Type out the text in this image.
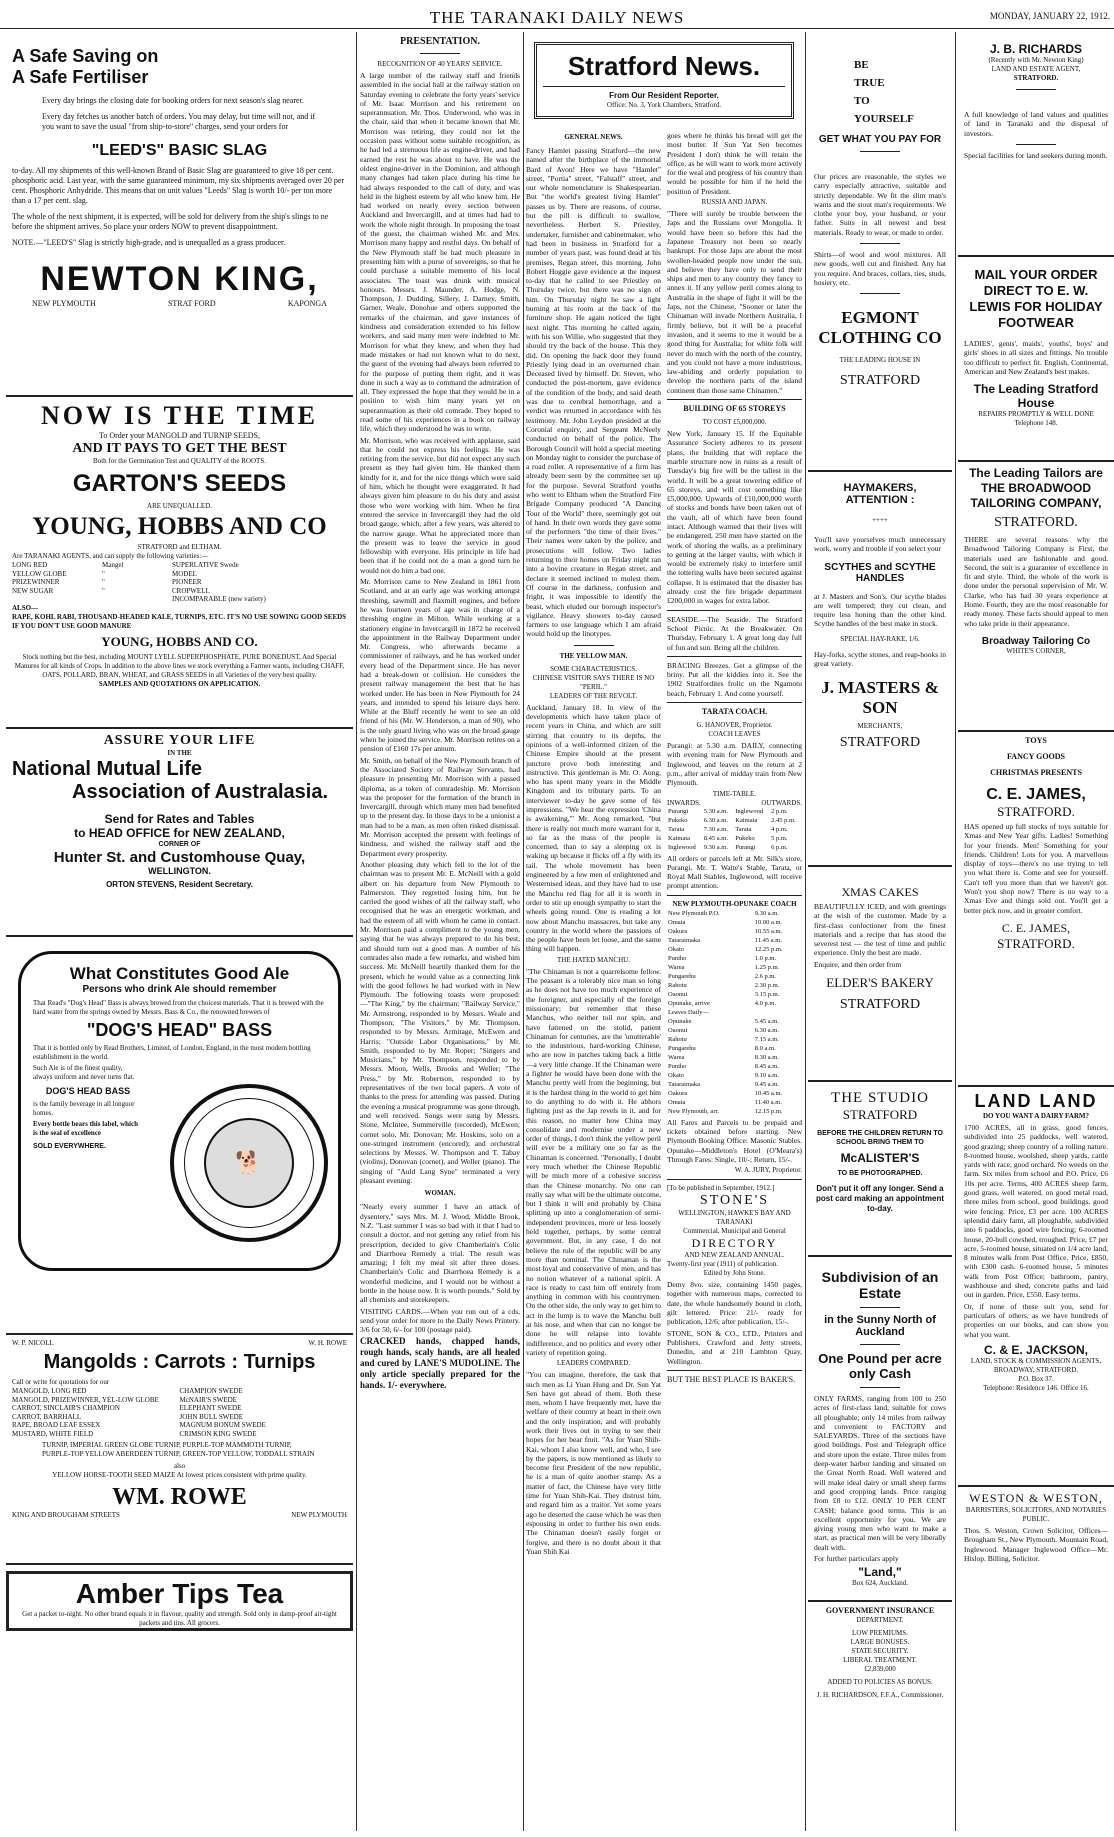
THE TARANAKI DAILY NEWS	MONDAY, JANUARY 22, 1912.
A Safe Saving on
A Safe Fertiliser

Every day brings the closing date for booking orders for next season's slag nearer.

Every day fetches us another batch of orders. You may delay, but time will not, and if you want to save the usual "from ship-to-store" charges, send your orders for

"LEED'S" BASIC SLAG

to-day. All my shipments of this well-known Brand of Basic Slag are guaranteed to give 18 per cent. phosphoric acid. Last year, with the same guaranteed minimum, my six shipments averaged over 20 per cent. Phosphoric Anhydride. This means that on unit values "Leeds" Slag is worth 10/- per ton more than a 17 per cent. slag.

The whole of the next shipment, it is expected, will be sold for delivery from the ship's slings to ne before the shipment arrives. So place your orders NOW to prevent disappointment.

NOTE.—"LEED'S" Slag is strictly high-grade, and is unequalled as a grass producer.

NEWTON KING,
NEW PLYMOUTH	STRAT FORD	KAPONGA
NOW IS THE TIME
To Order your MANGOLD and TURNIP SEEDS,
AND IT PAYS TO GET THE BEST
Both for the Germination Test and QUALITY of the ROOTS.
GARTON'S SEEDS
ARE UNEQUALLED.
YOUNG, HOBBS AND CO
STRATFORD and ELTHAM.
Are TARANAKI AGENTS, and can supply the following varieties:—
LONG RED
YELLOW GLOBE
PRIZEWINNER
NEW SUGAR
Mangel
"
"
"
SUPERLATIVE Swede
MODEL
PIONEER
CROPWELL
INCOMPARABLE (new variety)
ALSO—
RAPE, KOHL RABI, THOUSAND-HEADED KALE, TURNIPS, ETC. IT'S NO USE SOWING GOOD SEEDS IF YOU DON'T USE GOOD MANURE
YOUNG, HOBBS AND CO.
Stock nothing but the best, including MOUNT LYELL SUPERPHOSPHATE, PURE BONEDUST, And Special Manures for all kinds of Crops. In addition to the above lines we stock everything a Farmer wants, including CHAFF, OATS, POLLARD, BRAN, WHEAT, and GRASS SEEDS in all Varieties of the very best quality.
SAMPLES AND QUOTATIONS ON APPLICATION.
ASSURE YOUR LIFE
IN THE
National Mutual Life
Association of Australasia.
Send for Rates and Tables
to HEAD OFFICE for NEW ZEALAND,
CORNER OF
Hunter St. and Customhouse Quay,
WELLINGTON.
ORTON STEVENS, Resident Secretary.
What Constitutes Good Ale
Persons who drink Ale should remember

That Read's "Dog's Head" Bass is always brewed from the choicest materials. That it is brewed with the hard water from the springs owned by Messrs. Bass & Co., the renowned brewers of

"DOG'S HEAD" BASS

That it is bottled only by Read Brothers, Limited, of London, England, in the most modern bottling establishment in the world.

Such Ale is of the finest quality, always uniform and never turns flat.

DOG'S HEAD BASS

is the family beverage in all longuor homes.

Every bottle bears this label, which is the seal of excellence

SOLD EVERYWHERE.
🐕
W. P. NICOLL	W. H. ROWE
Mangolds : Carrots : Turnips
Call or write for quotations for our
MANGOLD, LONG RED
MANGOLD, PRIZEWINNER, YEL-LOW GLOBE
CARROT, SINCLAIR'S CHAMPION
CARROT, BARRHALL
RAPE, BROAD LEAF ESSEX
MUSTARD, WHITE FIELD
CHAMPION SWEDE
McNAIR'S SWEDE
ELEPHANT SWEDE
JOHN BULL SWEDE
MAGNUM BONUM SWEDE
CRIMSON KING SWEDE
TURNIP, IMPERIAL GREEN GLOBE TURNIP, PURPLE-TOP MAMMOTH TURNIP, PURPLE-TOP YELLOW ABERDEEN TURNIP, GREEN-TOP YELLOW, TODDALL STRAIN
also
YELLOW HORSE-TOOTH SEED MAIZE At lowest prices consistent with prime quality.
WM. ROWE
KING AND BROUGHAM STREETS	NEW PLYMOUTH
Amber Tips Tea
Get a packet to-night. No other brand equals it in flavour, quality and strength. Sold only in damp-proof air-tight packets and tins. All grocers.
PRESENTATION.
RECOGNITION OF 40 YEARS' SERVICE.

A large number of the railway staff and friends assembled in the social hall at the railway station on Saturday evening to celebrate the forty years' service of Mr. Isaac Morrison and his retirement on superannuation. Mr. Thos. Underwood, who was in the chair, said that when it became known that Mr. Morrison was retiring, they could not let the occasion pass without some suitable recognition, as he had led a strenuous life as engine-driver, and had earned the rest he was about to have. He was the oldest engine-driver in the Dominion, and although many changes had taken place during his time he had always responded to the call of duty, and was held in the highest esteem by all who knew him. He had worked on nearly every section between Auckland and Invercargill, and at times had had to work the whole night through. In proposing the toast of the guest, the chairman wished Mr. and Mrs. Morrison many happy and restful days. On behalf of the New Plymouth staff he had much pleasure in presenting him with a purse of sovereigns, so that he could purchase a suitable memento of his local associates. The toast was drunk with musical honours. Messrs. J. Maunder, A. Hodge, N. Thompson, J. Dudding, Sillery, J. Darney, Smith, Garner, Weale, Donohue and others supported the remarks of the chairman, and gave instances of kindness and consideration extended to his fellow workers, and said many men were indebted to Mr. Morrison for what they knew, and when they had made mistakes or had not known what to do next, the guest of the evening had always been referred to for the purpose of putting them right, and it was done in such a way as to command the admiration of all. They expressed the hope that they would be in a position to wish him many years yet on superannuation as their old comrade. They hoped to read some of his experiences in a book on railway life, which they understood he was to write.

Mr. Morrison, who was received with applause, said that he could not express his feelings. He was retiring from the service, but did not expect any such present as they had given him. He thanked them kindly for it, and for the nice things which were said of him, which he thought were exaggerated. It had always given him pleasure to do his duty and assist those who were working with him. When he first entered the service in Invercargill they had the old broad gauge, which, after a few years, was altered to the narrow gauge. What he appreciated more than the present was to leave the service in good fellowship with everyone. His principle in life had been that if he could not do a man a good turn he would not do him a bad one.

Mr. Morrison came to New Zealand in 1861 from Scotland, and at an early age was working amongst threshing, sawmill and flaxmill engines, and before he was fourteen years of age was in charge of a threshing engine in Milton. While working at a stationery engine in Invercargill in 1872 he received the appointment in the Railway Department under Mr. Congress, who afterwards became a commissioner of railways, and he has worked under every head of the Department since. He has never had a break-down or collision. He considers the present railway management the best that he has worked under. He has been in New Plymouth for 24 years, and intended to spend his leisure days here. While at the Bluff recently he went to see an old friend of his (Mr. W. Henderson, a man of 90), who is the only guard living who was on the broad gauge when he joined the service. Mr. Morrison retires on a pension of £160 17s per annum.

Mr. Smith, on behalf of the New Plymouth branch of the Associated Society of Railway Servants, had pleasure in presenting Mr. Morrison with a passed diploma, as a token of comradeship. Mr. Morrison was the proposer for the formation of the branch in Invercargill, through which many men had benefited up to the present day. In those days to be a unionist a man had to be a man, as men often risked dismissal. Mr. Morrison accepted the present with feelings of kindness, and wished the railway staff and the Department every prosperity.

Another pleasing duty which fell to the lot of the chairman was to present Mr. E. McNeill with a gold albert on his departure from New Plymouth to Palmerston. They regretted losing him, but he carried the good wishes of all the railway staff, who recognised that he was an energetic workman, and had the esteem of all with whom he came in contact. Mr. Morrison paid a compliment to the young men, saying that he was always prepared to do his best, and should turn out a good man. A number of his comrades also made a few remarks, and wished him success. Mr. McNeill heartily thanked them for the present, which he would value as a connecting link with the good fellows he had worked with in New Plymouth. The following toasts were proposed:—"The King," by the chairman; "Railway Service," Mr. Armstrong, responded to by Messrs. Weale and Thompson; "The Visitors," by Mr. Thompson, responded to by Messrs. Armitage, McEwen and Harris; "Outside Labor Organisations," by Mr. Smith, responded to by Mr. Roper; "Singers and Musicians," by Mr. Thompson, responded to by Messrs. Moon, Wells, Brooks and Weller; "The Press," by Mr. Robertson, responded to by representatives of the two local papers. A vote of thanks to the press for attending was passed. During the evening a musical programme was gone through, and well received. Songs were sung by Messrs. Stone, McIntee, Summerville (recorded), McEwen; cornet solo, Mr. Donovan; Mr. Hoskins, solo on a one-stringed instrument (encored); and orchestral selections by Messrs. W. Thompson and T. Tabay (violins), Donovan (cornet), and Weller (piano). The singing of "Auld Lang Syne" terminated a very pleasant evening.

WOMAN.

"Nearly every summer I have an attack of dysentery," says Mrs. M. J. Wood, Middle Brook, N.Z. "Last summer I was so bad with it that I had to consult a doctor, and not getting any relief from his prescription, decided to give Chamberlain's Colic and Diarrhoea Remedy a trial. The result was amazing; I felt my meal sit after three doses. Chamberlain's Colic and Diarrhoea Remedy is a wonderful medicine, and I would not be without a bottle in the house now. It is worth pounds." Sold by all chemists and storekeepers.

VISITING CARDS.—When you run out of a cds, send your order for more to the Daily News Printery. 3/6 for 50, 6/- for 100 (postage paid).

CRACKED hands, chapped hands, rough hands, scaly hands, are all healed and cured by LANE'S MUDOLINE. The only article specially prepared for the hands. 1/- everywhere.

Stratford News.
From Our Resident Reporter.
Office: No. 3, York Chambers, Stratford.
GENERAL NEWS.

Fancy Hamlet passing Stratford—the new named after the birthplace of the immortal Bard of Avon! Here we have "Hamlet" street, "Portia" street, "Falstaff" street, and our whole nomenclature is Shakespearian. But "the world's greatest living Hamlet" passes us by. There are reasons, of course, but the pill is difficult to swallow, nevertheless. Herbert S. Priestley, undertaker, furnisher and cabinetmaker, who had been in business in Stratford for a number of years past, was found dead at his premises, Regan street, this morning. John Robert Hoggie gave evidence at the inquest to-day that he called to see Priestley on Thursday twice, but there was no sign of him. On Thursday night he saw a light burning at his room at the back of the furniture shop. He again noticed the light next night. This morning he called again, with his son Willie, who suggested that they should try the back of the house. This they did. On opening the back door they found Priestly lying dead in an overturned chair. Deceased lived by himself. Dr. Steven, who conducted the post-mortem, gave evidence of the condition of the body, and said death was due to cerebral hemorrhage, and a verdict was returned in accordance with his testimony. Mr. John Leydon presided at the Coronial enquiry, and Sergeant McNeely conducted on behalf of the police. The Borough Council will hold a special meeting on Monday night to consider the purchase of a road roller. A representative of a firm has already been seen by the committee set up for the purpose. Several Stratford youths who went to Eltham when the Stratford Fire Brigade Company produced "A Dancing Tour of the World" there, seemingly got out of hand. In their own words they gave some of the performers "the time of their lives." Their names were taken by the police, and prosecutions will follow. Two ladies returning to their homes on Friday night ran into a bovine creature in Regan street, and declare it seemed inclined to molest them. Of course in the darkness, confusion and fright, it was impossible to identify the beast, which eluded our borough inspector's vigilance. Heavy showers to-day caused farmers to use language which I am afraid would hold up the linotypes.

THE YELLOW MAN.
SOME CHARACTERISTICS.
CHINESE VISITOR SAYS THERE IS NO "PERIL."
LEADERS OF THE REVOLT.

Auckland, January 18. In view of the developments which have taken place of recent years in China, and which are still stirring that country to its depths, the opinions of a well-informed citizen of the Chinese Empire should at the present juncture prove both interesting and instructive. This gentleman is Mr. O. Aong, who has spent many years in the Middle Kingdom and its tributary parts. To an interviewer to-day he gave some of his impressions. "We hear the expression 'China is awakening,'" Mr. Aong remarked, "but there is really not much more warrant for it, so far as the mass of the people is concerned, than to say a sleeping ox is waking up because it flicks off a fly with its tail. The whole movement has been engineered by a few men of enlightened and Westernised ideas, and they have had to use the Manchu red flag for all it is worth in order to stir up enough sympathy to start the wheels going round. One is reading a lot now about Manchu massacres, but take any country in the world where the passions of the people have been let loose, and the same thing will happen.

THE HATED MANCHU.

"The Chinaman is not a quarrelsome fellow. The peasant is a tolerably nice man so long as he does not have too much experience of the foreigner, and especially of the foreign missionary; but remember that these Manchus, who neither toil nor spin, and have fattened on the stolid, patient Chinaman for centuries, are the 'unutterable' to the industrious, hard-working Chinese, who are now in patches taking back a little—a very little change. If the Chinaman were a fighter he would have been done with the Manchu pretty well from the beginning, but it is the hardest thing in the world to get him to do anything to do with it. He abhors fighting just as the Jap revels in it, and for this reason, no matter how China may consolidate and modernise under a new order of things, I don't think the yellow peril will ever be a military one so far as the Chinaman is concerned. "Personally, I doubt very much whether the Chinese Republic will be much more of a cohesive success than the Chinese monarchy. No one can really say what will be the ultimate outcome, but I think it will end probably by China splitting up into a conglomeration of semi-independent provinces, more or less loosely held together, perhaps, by some central government. But, in any case, I do not believe the rule of the republic will be any more than nominal. The Chinaman is the most loyal and conservative of men, and has no notion whatever of a national spirit. A race is ready to cast him off entirely from anything in common with his countrymen. On the other side, the only way to get him to act in the lump is to wave the Manchu bull at his nose, and when that can no longer be done he will relapse into lovable indifference, and no politics and every other variety of repetition going.

LEADERS COMPARED.

"You can imagine, therefore, the task that such men as Li Yuan Hung and Dr. Sun Yat Sen have got ahead of them. Both these men, whom I have frequently met, have the welfare of their country at heart in their own and the only inspiration, and will probably work their lives out in trying to see their hopes for her bear fruit. "As for Yuan Shih-Kai, whom I also know well, and who, I see by the papers, is now mentioned as likely to become first President of the new republic, he is a man of quite another stamp. As a matter of fact, the Chinese have very little time for Yuan Shih-Kai. They distrust him, and regard him as a traitor. Yet some years ago he deserted the cause which he was then espousing in order to further his own ends. The Chinaman doesn't easily forget or forgive, and there is no doubt about it that Yuan Shih Kai

goes where he thinks his bread will get the most butter. If Sun Yat Sen becomes President I don't think he will retain the office, as he will want to work more actively for the weal and progress of his country than would be possible for him if he held the position of President.

RUSSIA AND JAPAN.

"There will surely be trouble between the Japs and the Russians over Mongolia. It would have been so before this had the Japanese Treasury not been so nearly bankrupt. For those Japs are about the most swollen-headed people now under the sun, and believe they have only to send their ships and men to any country they fancy to annex it. If any yellow peril comes along to Australia in the shape of fight it will be the Japs, not the Chinese. "Sooner or later the Chinaman will invade Northern Australia, I firmly believe, but it will be a peaceful invasion, and it seems to me it would be a good thing for Australia; for white folk will never do much with the north of the country, and you could not have a more industrious, law-abiding and orderly population to develop the northern parts of the island continent than those same Chinamen."

BUILDING OF 65 STOREYS
TO COST £5,000,000.

New York, January 15. If the Equitable Assurance Society adheres to its present plans, the building that will replace the marble structure now in ruins as a result of Tuesday's big fire will be the tallest in the world. It will be a great towering edifice of 65 storeys, and will cost something like £5,000,000. Upwards of £10,000,000 worth of stocks and bonds have been taken out of the vault, all of which have been found intact. Although warned that their lives will be endangered, 250 men have started on the work of shoring the walls, as a preliminary to getting at the larger vaults, with which it would be extremely risky to interfere until the tottering walls have been secured against collapse. It is estimated that the disaster has already cost the fire brigade department £200,000 in wages for extra labor.

SEASIDE.—The Seaside. The Stratford School Picnic. At the Breakwater. On Thursday, February 1. A great long day full of fun and sun. Bring all the children.

BRACING Breezes. Get a glimpse of the briny. Put all the kiddies into it. See the 1902 Stratfordites frolic on the Ngamotu beach, February 1. And come yourself.

TARATA COACH.
G. HANOVER, Proprietor.
COACH LEAVES

Purangi: at 5.30 a.m. DAILY, connecting with evening train for New Plymouth and Inglewood, and leaves on the return at 2 p.m., after arrival of midday train from New Plymouth.

TIME-TABLE.
INWARDS.	OUTWARDS.
Purangi	5.30 a.m.	Inglewood	2 p.m.
Pukeko	6.30 a.m.	Kaimata	2.45 p.m.
Tarata	7.30 a.m.	Tarata	4 p.m.
Kaimata	8.45 a.m.	Pukeko	5 p.m.
Inglewood	9.30 a.m.	Purangi	6 p.m.

All orders or parcels left at Mr. Silk's store, Purangi, Mr. T. Waite's Stable, Tarata, or Royal Mall Stables, Inglewood, will receive prompt attention.

NEW PLYMOUTH-OPUNAKE COACH
New Plymouth P.O.	9.30 a.m.
Omata	10.00 a.m.
Oakura	10.55 a.m.
Tataraimaka	11.45 a.m.
Okato	12.25 p.m.
Puniho	1.0 p.m.
Warea	1.25 p.m.
Pungarehu	2.6 p.m.
Rahotu	2.30 p.m.
Oaonui	3.15 p.m.
Opunake, arrive	4.0 p.m.
Leaves Daily—	
Opunake	5.45 a.m.
Oaonui	6.30 a.m.
Rahotu	7.15 a.m.
Pungarehu	8.0 a.m.
Warea	8.30 a.m.
Puniho	8.45 a.m.
Okato	9.10 a.m.
Tataraimaka	9.45 a.m.
Oakura	10.45 a.m.
Omata	11.40 a.m.
New Plymouth, arr.	12.15 p.m.

All Fares and Parcels to be prepaid and tickets obtained before starting. New Plymouth Booking Office: Masonic Stables. Opunake—Middleton's Hotel (O'Meara's) Through Fares: Single, 10/-; Return, 15/-.

W. A. JURY, Proprietor.
[To be published in September, 1912.]
STONE'S
WELLINGTON, HAWKE'S BAY AND TARANAKI
Commercial, Municipal and General
DIRECTORY
AND NEW ZEALAND ANNUAL.
Twenty-first year (1911) of publication.
Edited by John Stone.

Demy 8vo. size, containing 1450 pages, together with numerous maps, corrected to date, the whole handsomely bound in cloth, gilt lettered. Price: 21/- ready for publication, 12/6; after publication, 15/-.

STONE, SON & CO., LTD., Printers and Publishers, Crawford and Jetty streets, Dunedin, and at 210 Lambton Quay, Wellington.

BUT THE BEST PLACE IS BAKER'S.
BE
TRUE
TO
YOURSELF
GET WHAT YOU PAY FOR

Our prices are reasonable, the styles we carry especially attractive, suitable and strictly dependable. We fit the slim man's wants and the stout man's requirements. We clothe your boy, your husband, or your father. Suits in all newest and best materials. Ready to wear, or made to order.

Shirts—of wool and wool mixtures. All new goods, well cut and finished. Any hat you require. And braces, collars, ties, studs, hosiery, etc.

EGMONT CLOTHING CO
THE LEADING HOUSE IN
STRATFORD
HAYMAKERS, ATTENTION :
++++

You'll save yourselves much unnecessary work, worry and trouble if you select your

SCYTHES and SCYTHE HANDLES

at J. Masters and Son's. Our scythe blades are well tempered; they cut clean, and require less honing than the other kind. Scythe handles of the best make in stock.

SPECIAL HAY-RAKE, 1/6.

Hay-forks, scythe stones, and reap-hooks in great variety.

J. MASTERS & SON
MERCHANTS,
STRATFORD
XMAS CAKES

BEAUTIFULLY ICED, and with greetings at the wish of the customer. Made by a first-class confectioner from the finest materials and a recipe that has stood the severest test — the test of time and public experience. Only the best are made.

Enquire, and then order from

ELDER'S BAKERY
STRATFORD
THE STUDIO
STRATFORD
BEFORE THE CHILDREN RETURN TO SCHOOL BRING THEM TO
McALISTER'S
TO BE PHOTOGRAPHED.
Don't put it off any longer. Send a post card making an appointment to-day.
Subdivision of an Estate
in the Sunny North of Auckland
One Pound per acre only Cash

ONLY FARMS, ranging from 100 to 250 acres of first-class land, suitable for cows all ploughable; only 14 miles from railway and convenient to FACTORY and SALEYARDS. Three of the sections have good buildings. Post and Telegraph office and store upon the estate. Three miles from deep-water harbor landing and situated on the Great North Road. Well watered and will make ideal dairy or small sheep farms and good cropping lands. Price ranging from £8 to £12. ONLY 10 PER CENT CASH; balance good terms. This is an excellent opportunity for you. We are giving young men who want to make a start, as practical men will be very liberally dealt with.

For further particulars apply

"Land,"
Box 624, Auckland.
GOVERNMENT INSURANCE
DEPARTMENT.
LOW PREMIUMS.
LARGE BONUSES.
STATE SECURITY.
LIBERAL TREATMENT.
£2,839,000
ADDED TO POLICIES AS BONUS.
J. H. RICHARDSON, F.F.A., Commissioner.
J. B. RICHARDS
(Recently with Mr. Newton King)
LAND AND ESTATE AGENT,
STRATFORD.

A full knowledge of land values and qualities of land in Taranaki and the disposal of investors.

Special facilities for land seekers during month.

MAIL YOUR ORDER DIRECT TO E. W. LEWIS FOR HOLIDAY FOOTWEAR

LADIES', gents', maids', youths', boys' and girls' shoes in all sizes and fittings. No trouble too difficult to perfect fit. English, Continental, American and New Zealand's best makes.

The Leading Stratford House
REPAIRS PROMPTLY & WELL DONE
Telephone 148.
The Leading Tailors are THE BROADWOOD TAILORING COMPANY,
STRATFORD.

THERE are several reasons why the Broadwood Tailoring Company is First, the materials used are fashionable and good. Second, the suit is a guarantee of excellence in fit and style. Third, the whole of the work is done under the personal supervision of Mr. W. Clarke, who has had 30 years experience at Home. Fourth, they are the most reasonable for ready money. These facts should appeal to men who take pride in their appearance.

Broadway Tailoring Co
WHITE'S CORNER,
TOYS
FANCY GOODS
CHRISTMAS PRESENTS
C. E. JAMES,
STRATFORD.

HAS opened up full stocks of toys suitable for Xmas and New Year gifts. Ladies! Something for your friends. Men! Something for your friends. Children! Lots for you. A marvellous display of toys—there's no use trying to tell you what there is. Come and see for yourself. Can't tell you more than that we haven't got. Won't you shop now? There is no way to a Xmas Eve and things sold out. You'll get a better pick now, and in greater comfort.

C. E. JAMES,
STRATFORD.
LAND LAND
DO YOU WANT A DAIRY FARM?

1700 ACRES, all in grass, good fences, subdivided into 25 paddocks, well watered, good grazing; sheep country of a rolling nature. 8-roomed house, woolshed, sheep yards, cattle yards with race, good orchard. No weeds on the farm. Six miles from school and P.O. Price, £6 10s per acre. Terms, 400 ACRES sheep farm, good grass, well watered, on good metal road, three miles from school, good buildings, good wire fencing. Price, £3 per acre. 100 ACRES splendid dairy farm, all ploughable, subdivided into 6 paddocks, good wire fencing; 6-roomed house, 20-bull cowshed, troughed. Price, £7 per acre. 5-roomed house, situated on 1/4 acre land, 8 minutes walk from Post Office. Price, £850, with £300 cash. 6-roomed house, 5 minutes walk from Post Office; bathroom, pantry, washhouse and shed, concrete paths and laid out in garden. Price, £550. Easy terms.

Or, if none of these suit you, send for particulars of others, as we have hundreds of properties on our books, and can show you what you want.

C. & E. JACKSON,
LAND, STOCK & COMMISSION AGENTS,
BROADWAY, STRATFORD.
P.O. Box 37.
Telephone: Residence 146. Office 16.
WESTON & WESTON,
BARRISTERS, SOLICITORS, AND NOTARIES PUBLIC.

Thos. S. Weston, Crown Solicitor, Offices—Brougham St., New Plymouth. Mountain Road, Inglewood. Manager Inglewood Office—Mr. Hislop. Billing, Solicitor.
